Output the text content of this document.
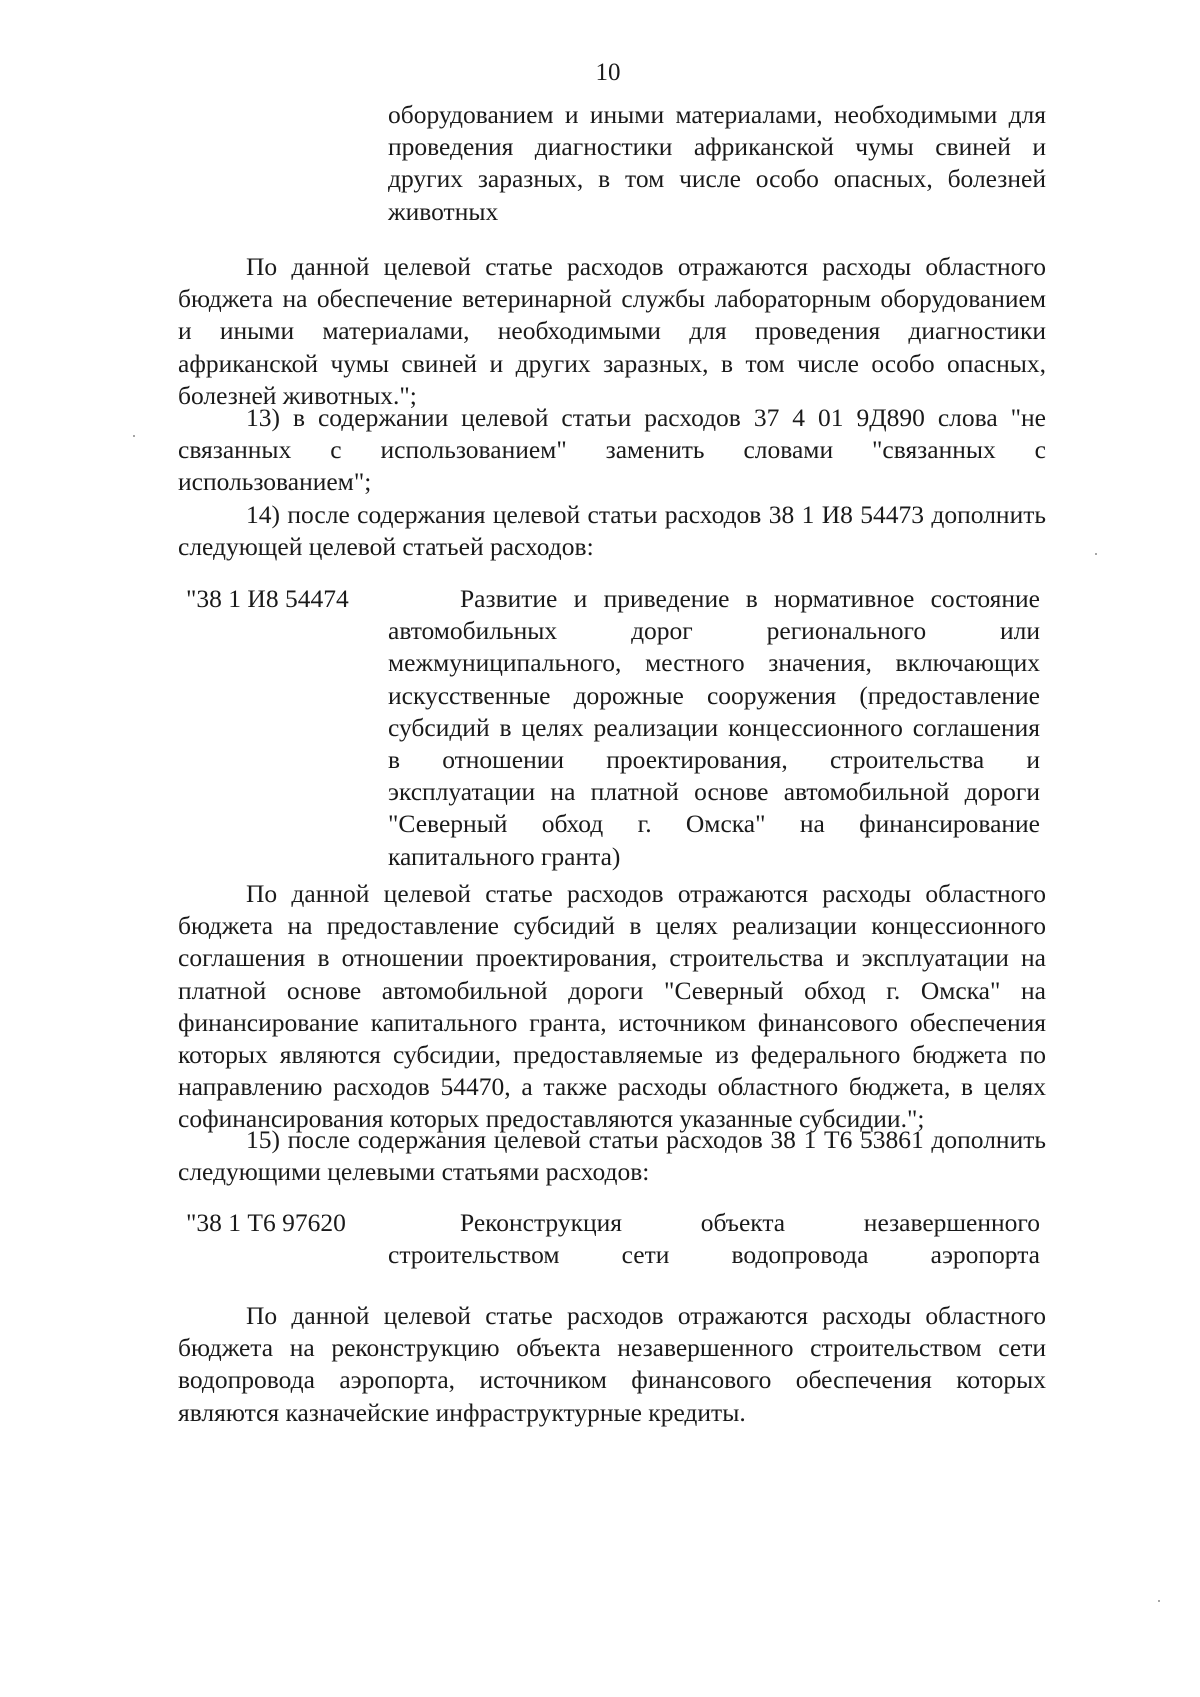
10
оборудованием и иными материалами, необходимыми для проведения диагностики африканской чумы свиней и других заразных, в том числе особо опасных, болезней животных
По данной целевой статье расходов отражаются расходы областного бюджета на обеспечение ветеринарной службы лабораторным оборудованием и иными материалами, необходимыми для проведения диагностики африканской чумы свиней и других заразных, в том числе особо опасных, болезней животных.";
13) в содержании целевой статьи расходов 37 4 01 9Д890 слова "не связанных с использованием" заменить словами "связанных с использованием";
14) после содержания целевой статьи расходов 38 1 И8 54473 дополнить следующей целевой статьей расходов:
"38 1 И8 54474	Развитие и приведение в нормативное состояние автомобильных дорог регионального или межмуниципального, местного значения, включающих искусственные дорожные сооружения (предоставление субсидий в целях реализации концессионного соглашения в отношении проектирования, строительства и эксплуатации на платной основе автомобильной дороги "Северный обход г. Омска" на финансирование капитального гранта)
По данной целевой статье расходов отражаются расходы областного бюджета на предоставление субсидий в целях реализации концессионного соглашения в отношении проектирования, строительства и эксплуатации на платной основе автомобильной дороги "Северный обход г. Омска" на финансирование капитального гранта, источником финансового обеспечения которых являются субсидии, предоставляемые из федерального бюджета по направлению расходов 54470, а также расходы областного бюджета, в целях софинансирования которых предоставляются указанные субсидии.";
15) после содержания целевой статьи расходов 38 1 Т6 53861 дополнить следующими целевыми статьями расходов:
"38 1 Т6 97620	Реконструкция объекта незавершенного строительством сети водопровода аэропорта
По данной целевой статье расходов отражаются расходы областного бюджета на реконструкцию объекта незавершенного строительством сети водопровода аэропорта, источником финансового обеспечения которых являются казначейские инфраструктурные кредиты.
